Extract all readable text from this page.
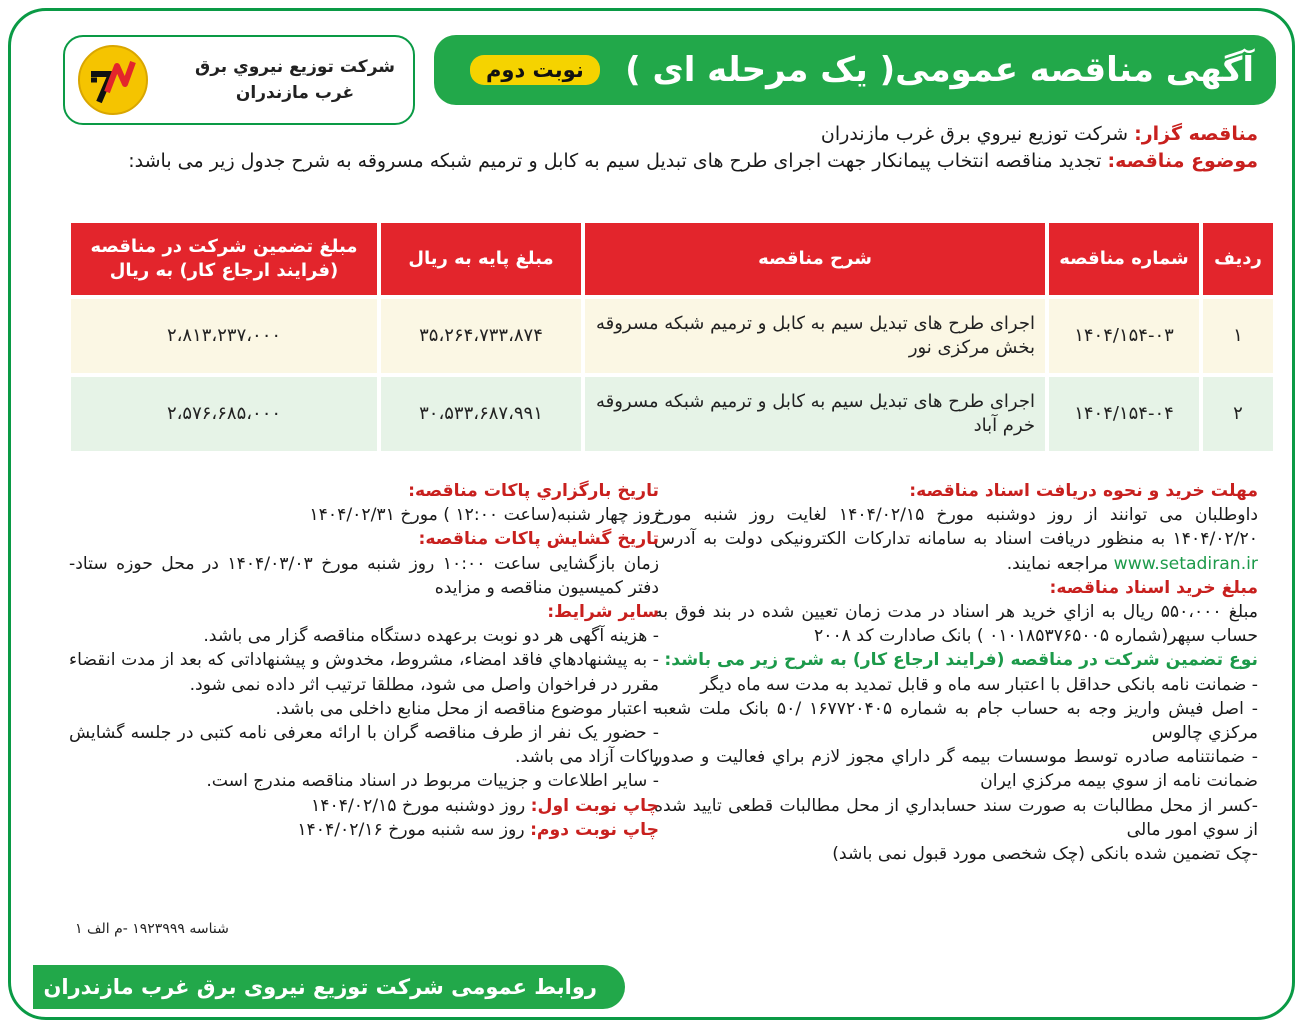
نوبت دوم	آگهی مناقصه عمومی( یک مرحله ای )
شرکت توزيع نيروي برق
غرب مازندران
مناقصه گزار: شرکت توزيع نيروي برق غرب مازندران
موضوع مناقصه: تجدید مناقصه انتخاب پیمانکار جهت اجرای طرح های تبدیل سیم به کابل و ترمیم شبکه مسروقه به شرح جدول زیر می باشد:
ردیف	شماره مناقصه	شرح مناقصه	مبلغ پایه به ریال	مبلغ تضمین شرکت در مناقصه (فرایند ارجاع کار) به ریال
۱	۱۴۰۴/۱۵۴-۰۳	اجرای طرح های تبدیل سیم به کابل و ترمیم شبکه مسروقه بخش مرکزی نور	۳۵،۲۶۴،۷۳۳،۸۷۴	۲،۸۱۳،۲۳۷،۰۰۰
۲	۱۴۰۴/۱۵۴-۰۴	اجرای طرح های تبدیل سیم به کابل و ترمیم شبکه مسروقه خرم آباد	۳۰،۵۳۳،۶۸۷،۹۹۱	۲،۵۷۶،۶۸۵،۰۰۰
مهلت خرید و نحوه دریافت اسناد مناقصه:
داوطلبان می توانند از روز دوشنبه مورخ ۱۴۰۴/۰۲/۱۵ لغایت روز شنبه مورخ ۱۴۰۴/۰۲/۲۰ به منظور دریافت اسناد به سامانه تدارکات الکترونیکی دولت به آدرس www.setadiran.ir مراجعه نمایند.
مبلغ خرید اسناد مناقصه:
مبلغ ۵۵۰،۰۰۰ ریال به ازاي خريد هر اسناد در مدت زمان تعيين شده در بند فوق به حساب سپهر(شماره ۰۱۰۱۸۵۳۷۶۵۰۰۵ ) بانک صادارت کد ۲۰۰۸
نوع تضمین شرکت در مناقصه (فرایند ارجاع کار) به شرح زیر می باشد:
- ضمانت نامه بانکی حداقل با اعتبار سه ماه و قابل تمدید به مدت سه ماه دیگر
- اصل فیش واریز وجه به حساب جام به شماره ۱۶۷۷۲۰۴۰۵ /۵۰ بانک ملت شعبه مرکزي چالوس
- ضمانتنامه صادره توسط موسسات بیمه گر داراي مجوز لازم براي فعالیت و صدور ضمانت نامه از سوي بیمه مرکزي ایران
-کسر از محل مطالبات به صورت سند حسابداري از محل مطالبات قطعی تایید شده از سوي امور مالی
-چک تضمین شده بانکی (چک شخصی مورد قبول نمی باشد)
تاریخ بارگزاري پاکات مناقصه:
روز چهار شنبه(ساعت ۱۲:۰۰ ) مورخ ۱۴۰۴/۰۲/۳۱
تاریخ گشایش پاکات مناقصه:
زمان بازگشایی ساعت ۱۰:۰۰ روز شنبه مورخ ۱۴۰۴/۰۳/۰۳ در محل حوزه ستاد- دفتر کمیسیون مناقصه و مزایده
سایر شرایط:
- هزینه آگهی هر دو نوبت برعهده دستگاه مناقصه گزار می باشد.
- به پیشنهادهاي فاقد امضاء، مشروط، مخدوش و پیشنهاداتی که بعد از مدت انقضاء مقرر در فراخوان واصل می شود، مطلقا ترتیب اثر داده نمی شود.
- اعتبار موضوع مناقصه از محل منابع داخلی می باشد.
- حضور یک نفر از طرف مناقصه گران با ارائه معرفی نامه کتبی در جلسه گشایش پاکات آزاد می باشد.
- سایر اطلاعات و جزییات مربوط در اسناد مناقصه مندرج است.
چاپ نوبت اول: روز دوشنبه مورخ ۱۴۰۴/۰۲/۱۵
چاپ نوبت دوم: روز سه شنبه مورخ ۱۴۰۴/۰۲/۱۶
شناسه ۱۹۲۳۹۹۹ -م الف ۱
روابط عمومی شرکت توزیع نیروی برق غرب مازندران
